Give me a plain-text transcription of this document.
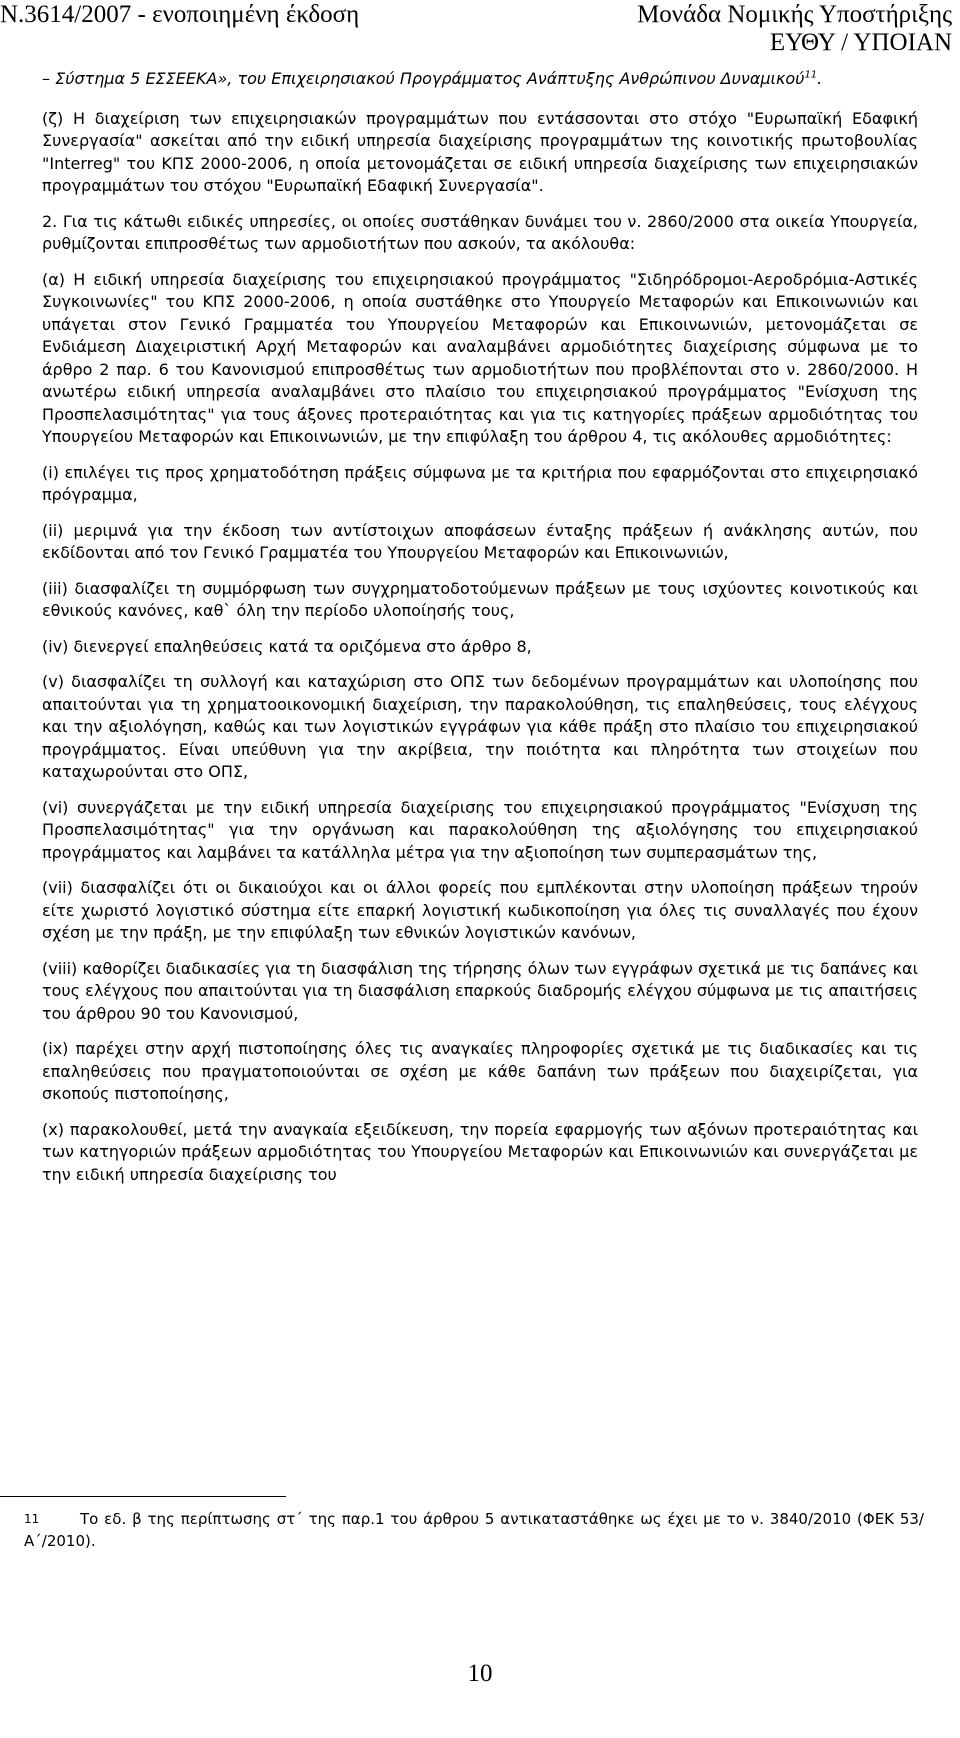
Ν.3614/2007 - ενοποιημένη έκδοση	Μονάδα Νομικής Υποστήριξης
ΕΥΘΥ / ΥΠΟΙΑΝ

– Σύστημα 5 ΕΣΣΕΕΚΑ», του Επιχειρησιακού Προγράμματος Ανάπτυξης Ανθρώπινου Δυναμικού$^{11}$.

(ζ) Η διαχείριση των επιχειρησιακών προγραμμάτων που εντάσσονται στο στόχο "Ευρωπαϊκή Εδαφική Συνεργασία" ασκείται από την ειδική υπηρεσία διαχείρισης προγραμμάτων της κοινοτικής πρωτοβουλίας "Interreg" του ΚΠΣ 2000-2006, η οποία μετονομάζεται σε ειδική υπηρεσία διαχείρισης των επιχειρησιακών προγραμμάτων του στόχου "Ευρωπαϊκή Εδαφική Συνεργασία".

2. Για τις κάτωθι ειδικές υπηρεσίες, οι οποίες συστάθηκαν δυνάμει του ν. 2860/2000 στα οικεία Υπουργεία, ρυθμίζονται επιπροσθέτως των αρμοδιοτήτων που ασκούν, τα ακόλουθα:

(α) Η ειδική υπηρεσία διαχείρισης του επιχειρησιακού προγράμματος "Σιδηρόδρομοι-Αεροδρόμια-Αστικές Συγκοινωνίες" του ΚΠΣ 2000-2006, η οποία συστάθηκε στο Υπουργείο Μεταφορών και Επικοινωνιών και υπάγεται στον Γενικό Γραμματέα του Υπουργείου Μεταφορών και Επικοινωνιών, μετονομάζεται σε Ενδιάμεση Διαχειριστική Αρχή Μεταφορών και αναλαμβάνει αρμοδιότητες διαχείρισης σύμφωνα με το άρθρο 2 παρ. 6 του Κανονισμού επιπροσθέτως των αρμοδιοτήτων που προβλέπονται στο ν. 2860/2000. Η ανωτέρω ειδική υπηρεσία αναλαμβάνει στο πλαίσιο του επιχειρησιακού προγράμματος "Ενίσχυση της Προσπελασιμότητας" για τους άξονες προτεραιότητας και για τις κατηγορίες πράξεων αρμοδιότητας του Υπουργείου Μεταφορών και Επικοινωνιών, με την επιφύλαξη του άρθρου 4, τις ακόλουθες αρμοδιότητες:

(i) επιλέγει τις προς χρηματοδότηση πράξεις σύμφωνα με τα κριτήρια που εφαρμόζονται στο επιχειρησιακό πρόγραμμα,

(ii) μεριμνά για την έκδοση των αντίστοιχων αποφάσεων ένταξης πράξεων ή ανάκλησης αυτών, που εκδίδονται από τον Γενικό Γραμματέα του Υπουργείου Μεταφορών και Επικοινωνιών,

(iii) διασφαλίζει τη συμμόρφωση των συγχρηματοδοτούμενων πράξεων με τους ισχύοντες κοινοτικούς και εθνικούς κανόνες, καθ` όλη την περίοδο υλοποίησής τους,

(iv) διενεργεί επαληθεύσεις κατά τα οριζόμενα στο άρθρο 8,

(v) διασφαλίζει τη συλλογή και καταχώριση στο ΟΠΣ των δεδομένων προγραμμάτων και υλοποίησης που απαιτούνται για τη χρηματοοικονομική διαχείριση, την παρακολούθηση, τις επαληθεύσεις, τους ελέγχους και την αξιολόγηση, καθώς και των λογιστικών εγγράφων για κάθε πράξη στο πλαίσιο του επιχειρησιακού προγράμματος. Είναι υπεύθυνη για την ακρίβεια, την ποιότητα και πληρότητα των στοιχείων που καταχωρούνται στο ΟΠΣ,

(vi) συνεργάζεται με την ειδική υπηρεσία διαχείρισης του επιχειρησιακού προγράμματος "Ενίσχυση της Προσπελασιμότητας" για την οργάνωση και παρακολούθηση της αξιολόγησης του επιχειρησιακού προγράμματος και λαμβάνει τα κατάλληλα μέτρα για την αξιοποίηση των συμπερασμάτων της,

(vii) διασφαλίζει ότι οι δικαιούχοι και οι άλλοι φορείς που εμπλέκονται στην υλοποίηση πράξεων τηρούν είτε χωριστό λογιστικό σύστημα είτε επαρκή λογιστική κωδικοποίηση για όλες τις συναλλαγές που έχουν σχέση με την πράξη, με την επιφύλαξη των εθνικών λογιστικών κανόνων,

(viii) καθορίζει διαδικασίες για τη διασφάλιση της τήρησης όλων των εγγράφων σχετικά με τις δαπάνες και τους ελέγχους που απαιτούνται για τη διασφάλιση επαρκούς διαδρομής ελέγχου σύμφωνα με τις απαιτήσεις του άρθρου 90 του Κανονισμού,

(ix) παρέχει στην αρχή πιστοποίησης όλες τις αναγκαίες πληροφορίες σχετικά με τις διαδικασίες και τις επαληθεύσεις που πραγματοποιούνται σε σχέση με κάθε δαπάνη των πράξεων που διαχειρίζεται, για σκοπούς πιστοποίησης,

(x) παρακολουθεί, μετά την αναγκαία εξειδίκευση, την πορεία εφαρμογής των αξόνων προτεραιότητας και των κατηγοριών πράξεων αρμοδιότητας του Υπουργείου Μεταφορών και Επικοινωνιών και συνεργάζεται με την ειδική υπηρεσία διαχείρισης του

11	Το εδ. β της περίπτωσης στ΄ της παρ.1 του άρθρου 5 αντικαταστάθηκε ως έχει με το ν. 3840/2010 (ΦΕΚ 53/Α΄/2010).
10
